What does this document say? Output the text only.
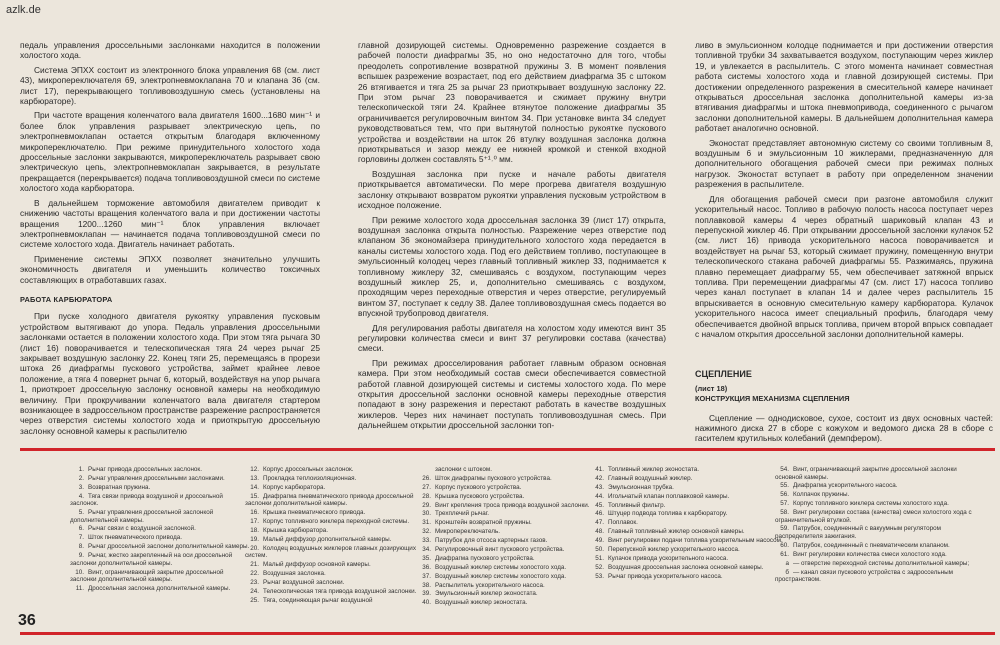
azlk.de

педаль управления дроссельными заслонками находится в положении холостого хода.

Система ЭПХХ состоит из электронного блока управления 68 (см. лист 43), микропереключателя 69, электропневмоклапана 70 и клапана 36 (см. лист 17), перекрывающего топливовоздушную смесь (установлены на карбюраторе).

При частоте вращения коленчатого вала двигателя 1600...1680 мин⁻¹ и более блок управления разрывает электрическую цепь, по электропневмоклапан остается открытым благодаря включенному микропереключателю. При режиме принудительного холостого хода дроссельные заслонки закрываются, микропереключатель разрывает свою электрическую цепь, электропневмоклапан закрывается, в результате прекращается (перекрывается) подача топливовоздушной смеси по системе холостого хода карбюратора.

В дальнейшем торможение автомобиля двигателем приводит к снижению частоты вращения коленчатого вала и при достижении частоты вращения 1200...1260 мин⁻¹ блок управления включает электропневмоклапан — начинается подача топливовоздушной смеси по системе холостого хода. Двигатель начинает работать.

Применение системы ЭПХХ позволяет значительно улучшить экономичность двигателя и уменьшить количество токсичных составляющих в отработавших газах.

РАБОТА КАРБЮРАТОРА

При пуске холодного двигателя рукоятку управления пусковым устройством вытягивают до упора. Педаль управления дроссельными заслонками остается в положении холостого хода. При этом тяга рычага 30 (лист 16) поворачивается и телескопическая тяга 24 через рычаг 25 закрывает воздушную заслонку 22. Конец тяги 25, перемещаясь в прорези штока 26 диафрагмы пускового устройства, займет крайнее левое положение, а тяга 4 повернет рычаг 6, который, воздействуя на упор рычага 1, приоткроет дроссельную заслонку основной камеры на необходимую величину. При прокручивании коленчатого вала двигателя стартером возникающее в задроссельном пространстве разрежение распространяется через отверстия системы холостого хода и приоткрытую дроссельную заслонку основной камеры к распылителю

главной дозирующей системы. Одновременно разрежение создается в рабочей полости диафрагмы 35, но оно недостаточно для того, чтобы преодолеть сопротивление возвратной пружины 3. В момент появления вспышек разрежение возрастает, под его действием диафрагма 35 с штоком 26 втягивается и тяга 25 за рычаг 23 приоткрывает воздушную заслонку 22. При этом рычаг 23 поворачивается и сжимает пружину внутри телескопической тяги 24. Крайнее втянутое положение диафрагмы 35 ограничивается регулировочным винтом 34. При установке винта 34 следует руководствоваться тем, что при вытянутой полностью рукоятке пускового устройства и воздействии на шток 26 втулку воздушная заслонка должна приоткрываться и зазор между ее нижней кромкой и стенкой входной горловины должен составлять 5⁺¹˒⁰ мм.

Воздушная заслонка при пуске и начале работы двигателя приоткрывается автоматически. По мере прогрева двигателя воздушную заслонку открывают возвратом рукоятки управления пусковым устройством в исходное положение.

При режиме холостого хода дроссельная заслонка 39 (лист 17) открыта, воздушная заслонка открыта полностью. Разрежение через отверстие под клапаном 36 экономайзера принудительного холостого хода передается в каналы системы холостого хода. Под его действием топливо, поступающее в эмульсионный колодец через главный топливный жиклер 33, поднимается к топливному жиклеру 32, смешиваясь с воздухом, поступающим через воздушный жиклер 25, и, дополнительно смешиваясь с воздухом, проходящим через переходные отверстия и через отверстие, регулируемый винтом 37, поступает к седлу 38. Далее топливовоздушная смесь подается во впускной трубопровод двигателя.

Для регулирования работы двигателя на холостом ходу имеются винт 35 регулировки количества смеси и винт 37 регулировки состава (качества) смеси.

При режимах дросселирования работает главным образом основная камера. При этом необходимый состав смеси обеспечивается совместной работой главной дозирующей системы и системы холостого хода. По мере открытия дроссельной заслонки основной камеры переходные отверстия попадают в зону разрежения и перестают работать в качестве воздушных жиклеров. Через них начинает поступать топливовоздушная смесь. При дальнейшем открытии дроссельной заслонки топ-

ливо в эмульсионном колодце поднимается и при достижении отверстия топливной трубки 34 захватывается воздухом, поступающим через жиклер 19, и увлекается в распылитель. С этого момента начинает совместная работа системы холостого хода и главной дозирующей системы. При достижении определенного разрежения в смесительной камере начинает открываться дроссельная заслонка дополнительной камеры из-за втягивания диафрагмы и штока пневмопривода, соединенного с рычагом заслонки дополнительной камеры. В дальнейшем дополнительная камера работает аналогично основной.

Эконостат представляет автономную систему со своими топливным 8, воздушным 6 и эмульсионным 10 жиклерами, предназначенную для дополнительного обогащения рабочей смеси при режимах полных нагрузок. Эконостат вступает в работу при определенном значении разрежения в распылителе.

Для обогащения рабочей смеси при разгоне автомобиля служит ускорительный насос. Топливо в рабочую полость насоса поступает через поплавковой камеры 4 через обратный шариковый клапан 43 и перепускной жиклер 46. При открывании дроссельной заслонки кулачок 52 (см. лист 16) привода ускорительного насоса поворачивается и воздействует на рычаг 53, который сжимает пружину, помещенную внутри телескопического стакана рабочей диафрагмы 55. Разжимаясь, пружина плавно перемещает диафрагму 55, чем обеспечивает затяжной впрыск топлива. При перемещении диафрагмы 47 (см. лист 17) насоса топливо через канал поступает в клапан 14 и далее через распылитель 15 впрыскивается в основную смесительную камеру карбюратора. Кулачок ускорительного насоса имеет специальный профиль, благодаря чему обеспечивается двойной впрыск топлива, причем второй впрыск совпадает с началом открытия дроссельной заслонки дополнительной камеры.

СЦЕПЛЕНИЕ
(лист 18)
КОНСТРУКЦИЯ МЕХАНИЗМА СЦЕПЛЕНИЯ

Сцепление — однодисковое, сухое, состоит из двух основных частей: нажимного диска 27 в сборе с кожухом и ведомого диска 28 в сборе с гасителем крутильных колебаний (демпфером).

1. Рычаг привода дроссельных заслонок.
2. Рычаг управления дроссельными заслонками.
3. Возвратная пружина.
4. Тяга связи привода воздушной и дроссельной заслонок.
5. Рычаг управления дроссельной заслонкой дополнительной камеры.
6. Рычаг связи с воздушной заслонкой.
7. Шток пневматического привода.
8. Рычаг дроссельной заслонки дополнительной камеры.
9. Рычаг, жестко закрепленный на оси дроссельной заслонки дополнительной камеры.
10. Винт, ограничивающий закрытие дроссельной заслонки дополнительной камеры.
11. Дроссельная заслонка дополнительной камеры.
12. Корпус дроссельных заслонок.
13. Прокладка теплоизоляционная.
14. Корпус карбюратора.
15. Диафрагма пневматического привода дроссельной заслонки дополнительной камеры.
16. Крышка пневматического привода.
17. Корпус топливного жиклера переходной системы.
18. Крышка карбюратора.
19. Малый диффузор дополнительной камеры.
20. Колодец воздушных жиклеров главных дозирующих систем.
21. Малый диффузор основной камеры.
22. Воздушная заслонка.
23. Рычаг воздушной заслонки.
24. Телескопическая тяга привода воздушной заслонки.
25. Тяга, соединяющая рычаг воздушной
заслонки с штоком.
26. Шток диафрагмы пускового устройства.
27. Корпус пускового устройства.
28. Крышка пускового устройства.
29. Винт крепления троса привода воздушной заслонки.
30. Трехплечий рычаг.
31. Кронштейн возвратной пружины.
32. Микропереключатель.
33. Патрубок для отсоса картерных газов.
34. Регулировочный винт пускового устройства.
35. Диафрагма пускового устройства.
36. Воздушный жиклер системы холостого хода.
37. Воздушный жиклер системы холостого хода.
38. Распылитель ускорительного насоса.
39. Эмульсионный жиклер эконостата.
40. Воздушный жиклер эконостата.
41. Топливный жиклер эконостата.
42. Главный воздушный жиклер.
43. Эмульсионная трубка.
44. Игольчатый клапан поплавковой камеры.
45. Топливный фильтр.
46. Штуцер подвода топлива к карбюратору.
47. Поплавок.
48. Главный топливный жиклер основной камеры.
49. Винт регулировки подачи топлива ускорительным насосом.
50. Перепускной жиклер ускорительного насоса.
51. Кулачок привода ускорительного насоса.
52. Воздушная дроссельная заслонка основной камеры.
53. Рычаг привода ускорительного насоса.
54. Винт, ограничивающий закрытие дроссельной заслонки основной камеры.
55. Диафрагма ускорительного насоса.
56. Колпачок пружины.
57. Корпус топливного жиклера системы холостого хода.
58. Винт регулировки состава (качества) смеси холостого хода с ограничительной втулкой.
59. Патрубок, соединенный с вакуумным регулятором распределителя зажигания.
60. Патрубок, соединенный с пневматическим клапаном.
61. Винт регулировки количества смеси холостого хода.
а — отверстие переходной системы дополнительной камеры;
б — канал связи пускового устройства с задроссельным пространством.
36
